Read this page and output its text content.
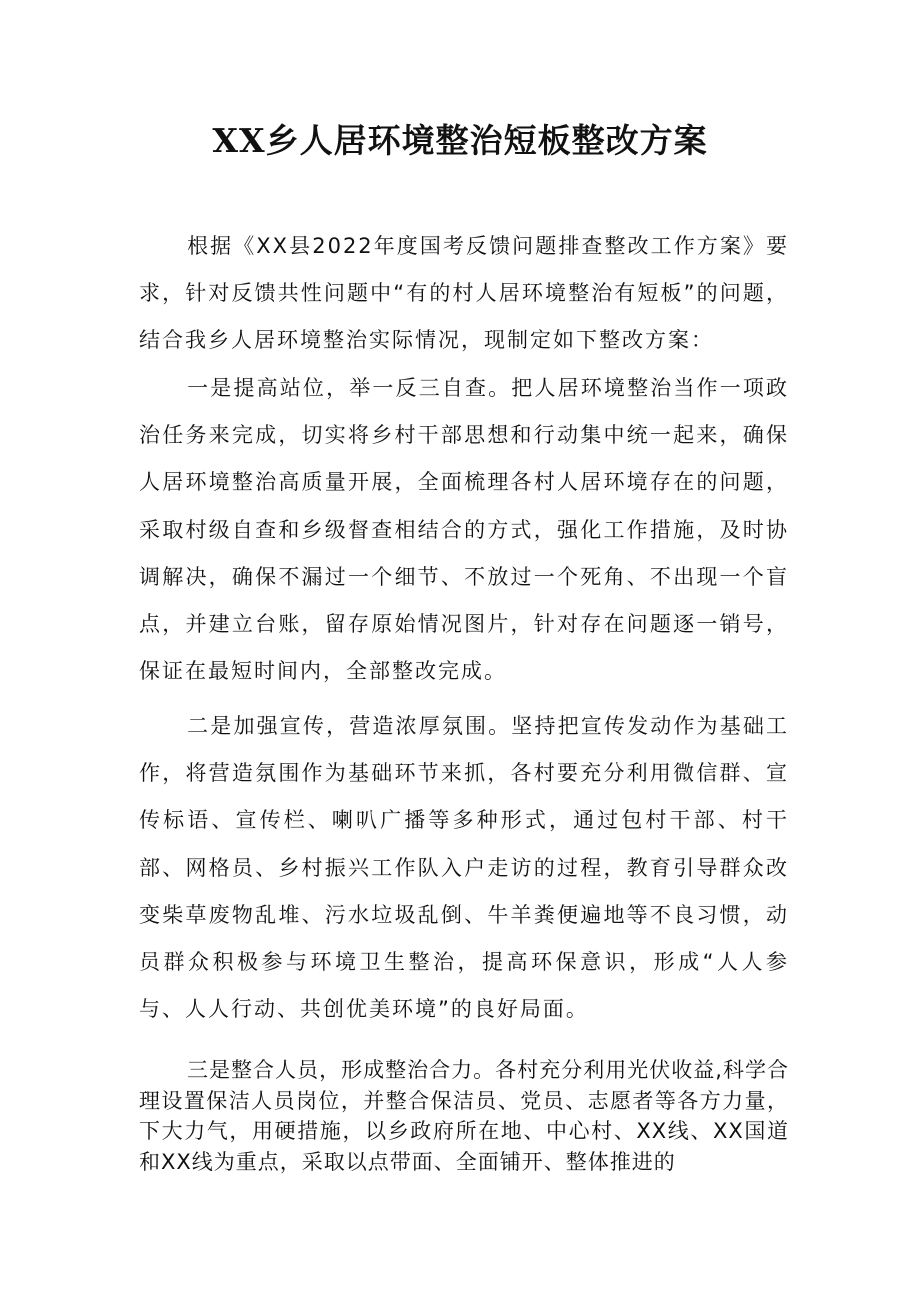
XX乡人居环境整治短板整改方案

根据《XX县2022年度国考反馈问题排查整改工作方案》要求，针对反馈共性问题中“有的村人居环境整治有短板”的问题，结合我乡人居环境整治实际情况，现制定如下整改方案：

一是提高站位，举一反三自查。把人居环境整治当作一项政治任务来完成，切实将乡村干部思想和行动集中统一起来，确保人居环境整治高质量开展，全面梳理各村人居环境存在的问题，采取村级自查和乡级督查相结合的方式，强化工作措施，及时协调解决，确保不漏过一个细节、不放过一个死角、不出现一个盲点，并建立台账，留存原始情况图片，针对存在问题逐一销号，保证在最短时间内，全部整改完成。

二是加强宣传，营造浓厚氛围。坚持把宣传发动作为基础工作，将营造氛围作为基础环节来抓，各村要充分利用微信群、宣传标语、宣传栏、喇叭广播等多种形式，通过包村干部、村干部、网格员、乡村振兴工作队入户走访的过程，教育引导群众改变柴草废物乱堆、污水垃圾乱倒、牛羊粪便遍地等不良习惯，动员群众积极参与环境卫生整治，提高环保意识，形成“人人参与、人人行动、共创优美环境”的良好局面。

三是整合人员，形成整治合力。各村充分利用光伏收益,科学合理设置保洁人员岗位，并整合保洁员、党员、志愿者等各方力量，下大力气，用硬措施，以乡政府所在地、中心村、XX线、XX国道和XX线为重点，采取以点带面、全面铺开、整体推进的
